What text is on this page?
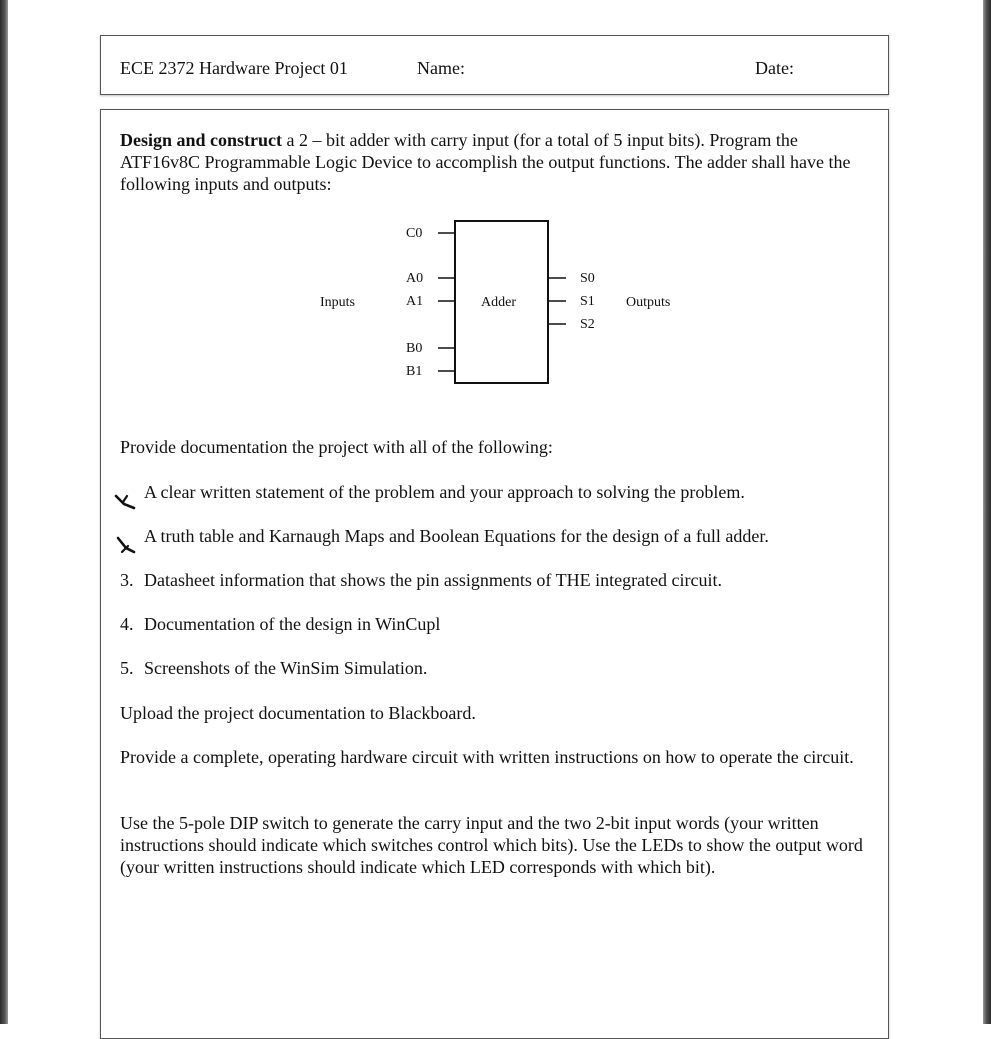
ECE 2372 Hardware Project 01	Name:	Date:

Design and construct a 2 – bit adder with carry input (for a total of 5 input bits). Program the ATF16v8C Programmable Logic Device to accomplish the output functions. The adder shall have the following inputs and outputs:

Adder
Inputs	Outputs
C0
A0
A1
B0
B1
S0
S1
S2

Provide documentation the project with all of the following:

A clear written statement of the problem and your approach to solving the problem.
A truth table and Karnaugh Maps and Boolean Equations for the design of a full adder.
3. Datasheet information that shows the pin assignments of THE integrated circuit.
4. Documentation of the design in WinCupl
5. Screenshots of the WinSim Simulation.

Upload the project documentation to Blackboard.

Provide a complete, operating hardware circuit with written instructions on how to operate the circuit.

Use the 5-pole DIP switch to generate the carry input and the two 2-bit input words (your written instructions should indicate which switches control which bits). Use the LEDs to show the output word (your written instructions should indicate which LED corresponds with which bit).
